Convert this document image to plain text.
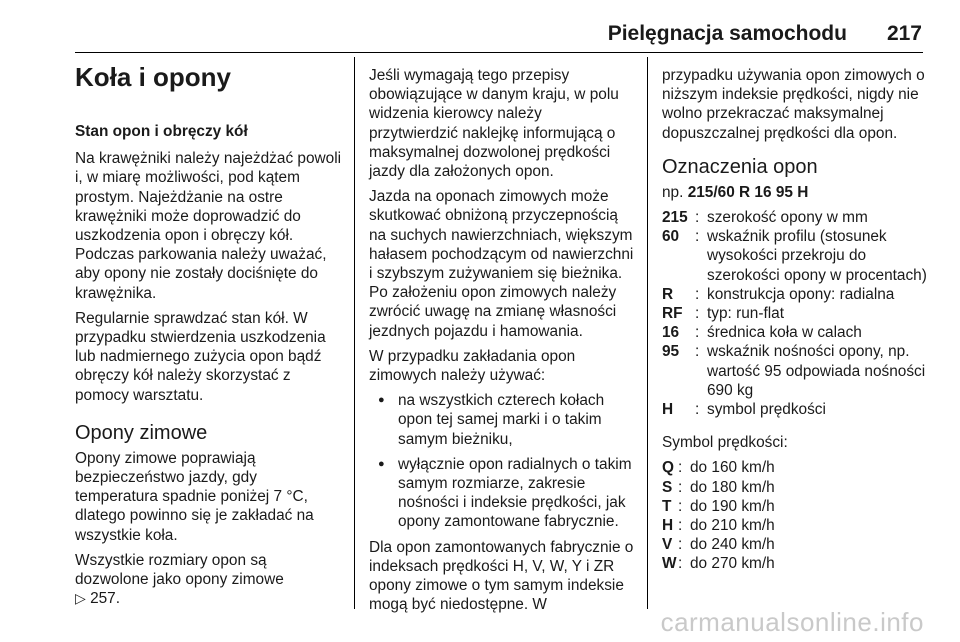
Pielęgnacja samochodu 217
Koła i opony
Stan opon i obręczy kół

Na krawężniki należy najeżdżać powoli i, w miarę możliwości, pod kątem prostym. Najeżdżanie na ostre krawężniki może doprowadzić do uszkodzenia opon i obręczy kół. Podczas parkowania należy uważać, aby opony nie zostały dociśnięte do krawężnika.

Regularnie sprawdzać stan kół. W przypadku stwierdzenia uszkodzenia lub nadmiernego zużycia opon bądź obręczy kół należy skorzystać z pomocy warsztatu.

Opony zimowe

Opony zimowe poprawiają bezpieczeństwo jazdy, gdy temperatura spadnie poniżej 7 °C, dlatego powinno się je zakładać na wszystkie koła.

Wszystkie rozmiary opon są dozwolone jako opony zimowe
▷ 257.

Jeśli wymagają tego przepisy obowiązujące w danym kraju, w polu widzenia kierowcy należy przytwierdzić naklejkę informującą o maksymalnej dozwolonej prędkości jazdy dla założonych opon.

Jazda na oponach zimowych może skutkować obniżoną przyczepnością na suchych nawierzchniach, większym hałasem pochodzącym od nawierzchni i szybszym zużywaniem się bieżnika. Po założeniu opon zimowych należy zwrócić uwagę na zmianę własności jezdnych pojazdu i hamowania.

W przypadku zakładania opon zimowych należy używać:

● na wszystkich czterech kołach opon tej samej marki i o takim samym bieżniku,
● wyłącznie opon radialnych o takim samym rozmiarze, zakresie nośności i indeksie prędkości, jak opony zamontowane fabrycznie.

Dla opon zamontowanych fabrycznie o indeksach prędkości H, V, W, Y i ZR opony zimowe o tym samym indeksie mogą być niedostępne. W

przypadku używania opon zimowych o niższym indeksie prędkości, nigdy nie wolno przekraczać maksymalnej dopuszczalnej prędkości dla opon.

Oznaczenia opon

np. 215/60 R 16 95 H

215 : szerokość opony w mm
60	: wskaźnik profilu (stosunek wysokości przekroju do szerokości opony w procentach)
R	: konstrukcja opony: radialna
RF : typ: run-flat
16	: średnica koła w calach
95	: wskaźnik nośności opony, np. wartość 95 odpowiada nośności 690 kg
H	: symbol prędkości

Symbol prędkości:

Q : do 160 km/h
S : do 180 km/h
T : do 190 km/h
H : do 210 km/h
V : do 240 km/h
W : do 270 km/h
carmanualsonline.info
